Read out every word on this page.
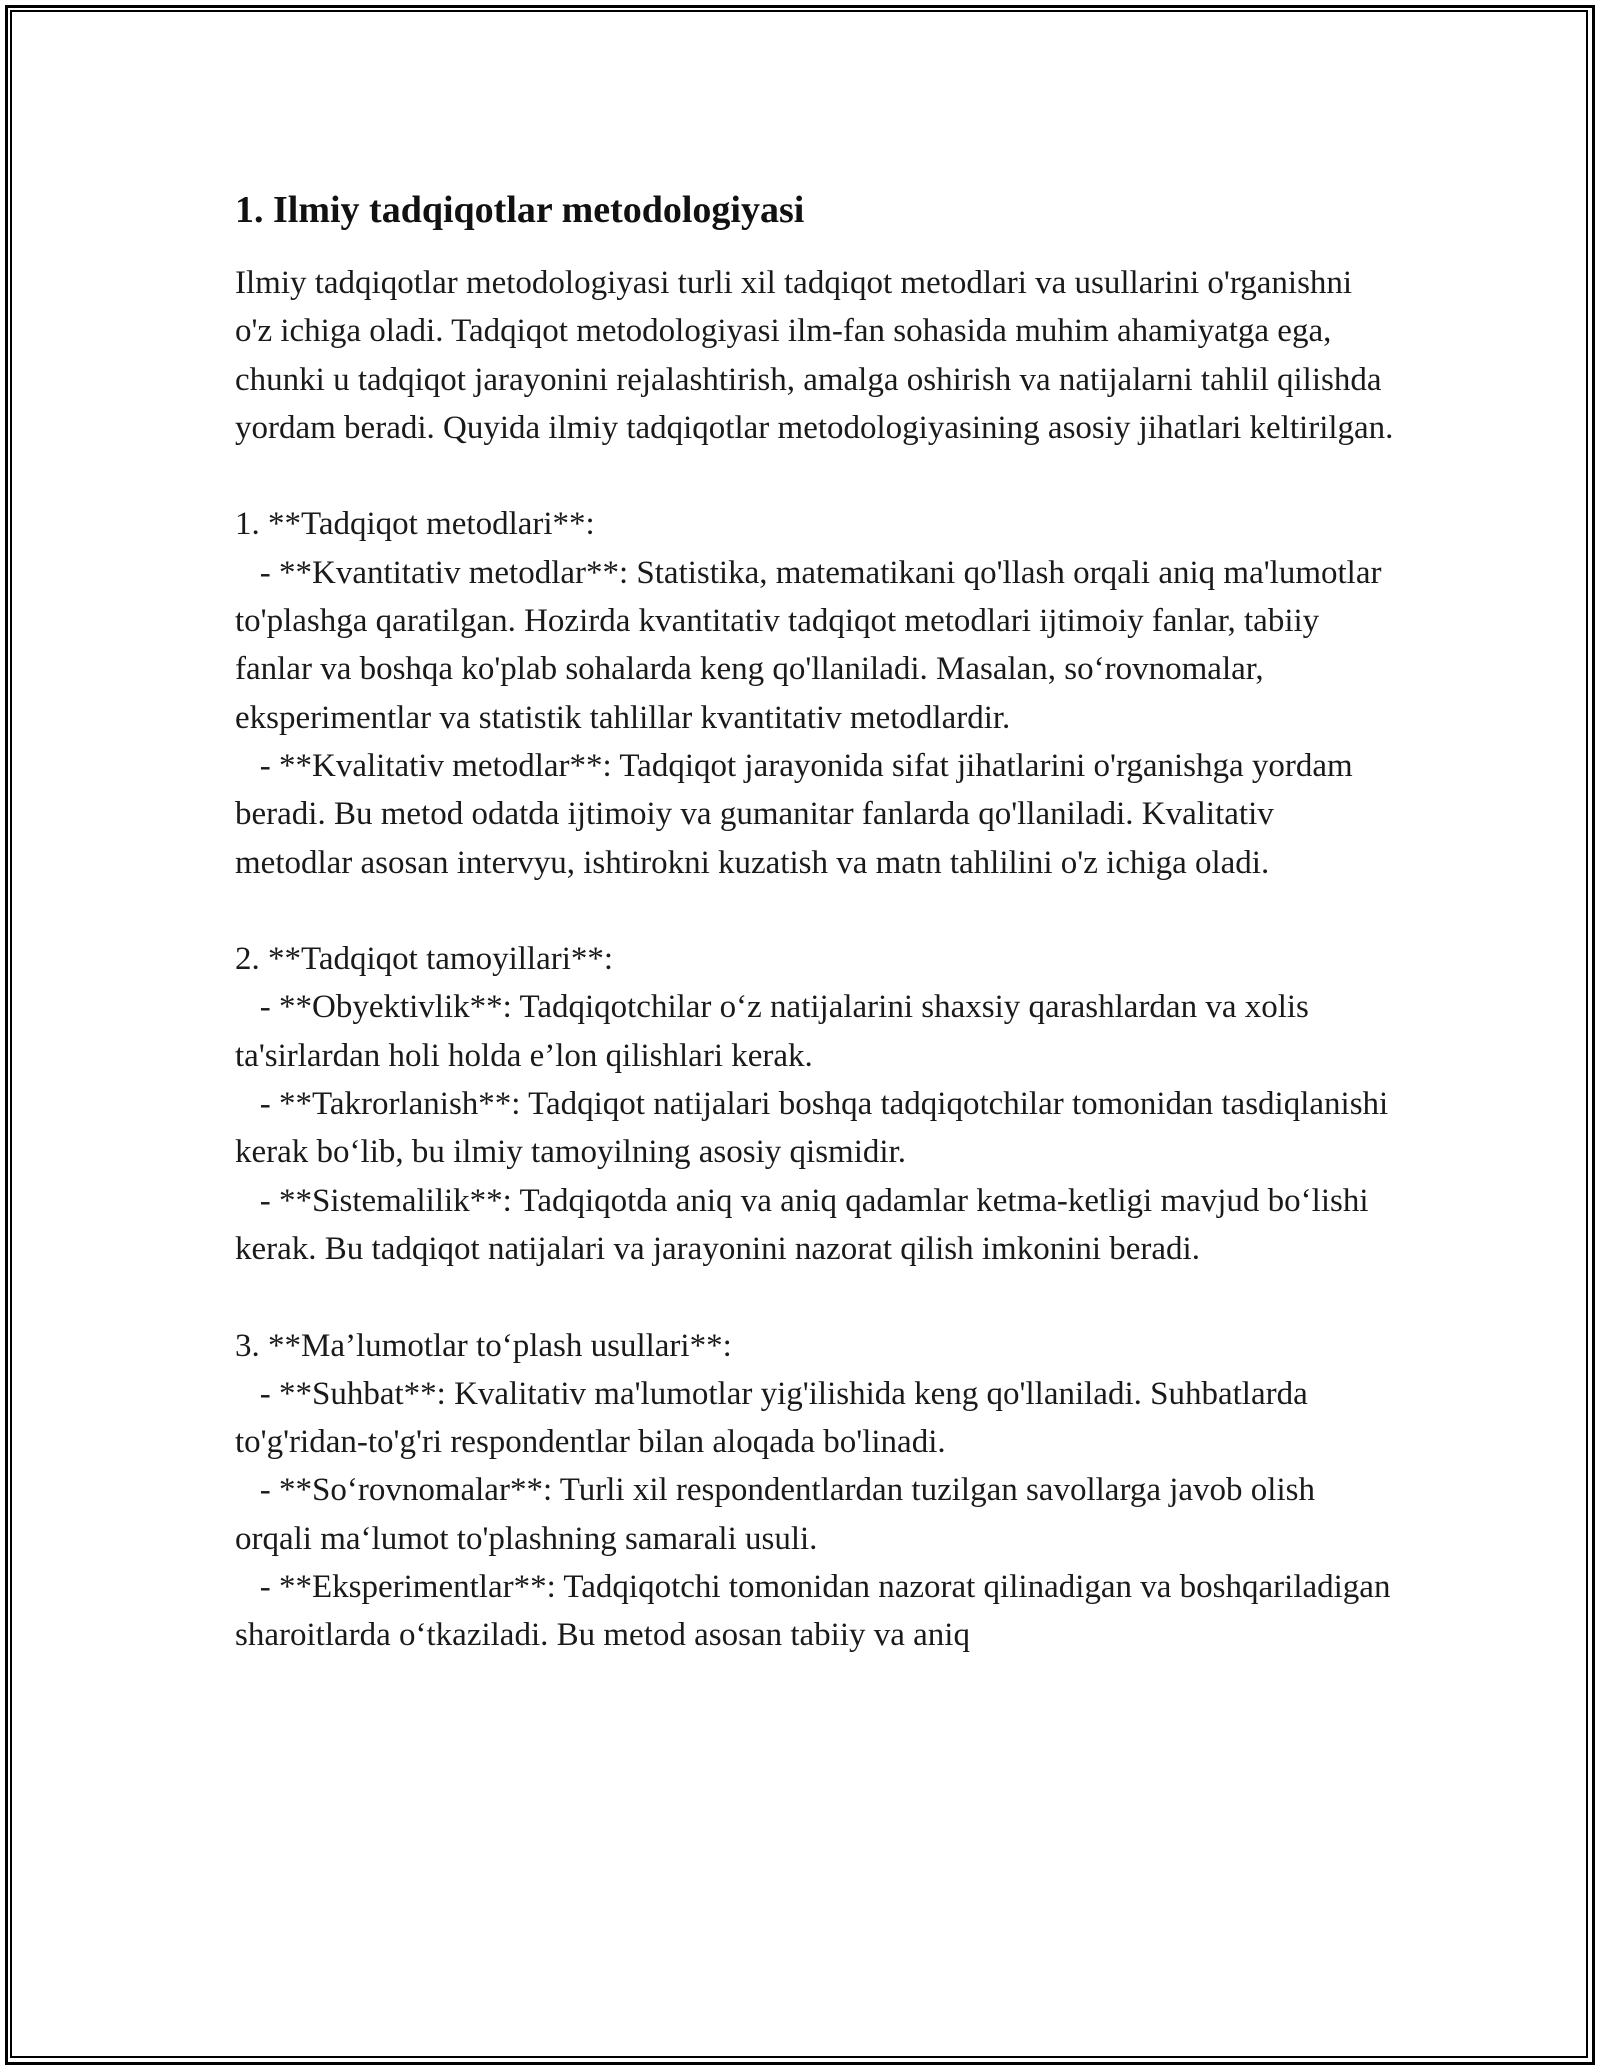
1. Ilmiy tadqiqotlar metodologiyasi

Ilmiy tadqiqotlar metodologiyasi turli xil tadqiqot metodlari va usullarini o'rganishni o'z ichiga oladi. Tadqiqot metodologiyasi ilm-fan sohasida muhim ahamiyatga ega, chunki u tadqiqot jarayonini rejalashtirish, amalga oshirish va natijalarni tahlil qilishda yordam beradi. Quyida ilmiy tadqiqotlar metodologiyasining asosiy jihatlari keltirilgan.

1. **Tadqiqot metodlari**:
- **Kvantitativ metodlar**: Statistika, matematikani qo'llash orqali aniq ma'lumotlar to'plashga qaratilgan. Hozirda kvantitativ tadqiqot metodlari ijtimoiy fanlar, tabiiy fanlar va boshqa ko'plab sohalarda keng qo'llaniladi. Masalan, so‘rovnomalar, eksperimentlar va statistik tahlillar kvantitativ metodlardir.
- **Kvalitativ metodlar**: Tadqiqot jarayonida sifat jihatlarini o'rganishga yordam beradi. Bu metod odatda ijtimoiy va gumanitar fanlarda qo'llaniladi. Kvalitativ metodlar asosan intervyu, ishtirokni kuzatish va matn tahlilini o'z ichiga oladi.

2. **Tadqiqot tamoyillari**:
- **Obyektivlik**: Tadqiqotchilar o‘z natijalarini shaxsiy qarashlardan va xolis ta'sirlardan holi holda e’lon qilishlari kerak.
- **Takrorlanish**: Tadqiqot natijalari boshqa tadqiqotchilar tomonidan tasdiqlanishi kerak bo‘lib, bu ilmiy tamoyilning asosiy qismidir.
- **Sistemalilik**: Tadqiqotda aniq va aniq qadamlar ketma-ketligi mavjud bo‘lishi kerak. Bu tadqiqot natijalari va jarayonini nazorat qilish imkonini beradi.

3. **Ma’lumotlar to‘plash usullari**:
- **Suhbat**: Kvalitativ ma'lumotlar yig'ilishida keng qo'llaniladi. Suhbatlarda to'g'ridan-to'g'ri respondentlar bilan aloqada bo'linadi.
- **So‘rovnomalar**: Turli xil respondentlardan tuzilgan savollarga javob olish orqali ma‘lumot to'plashning samarali usuli.
- **Eksperimentlar**: Tadqiqotchi tomonidan nazorat qilinadigan va boshqariladigan sharoitlarda o‘tkaziladi. Bu metod asosan tabiiy va aniq
